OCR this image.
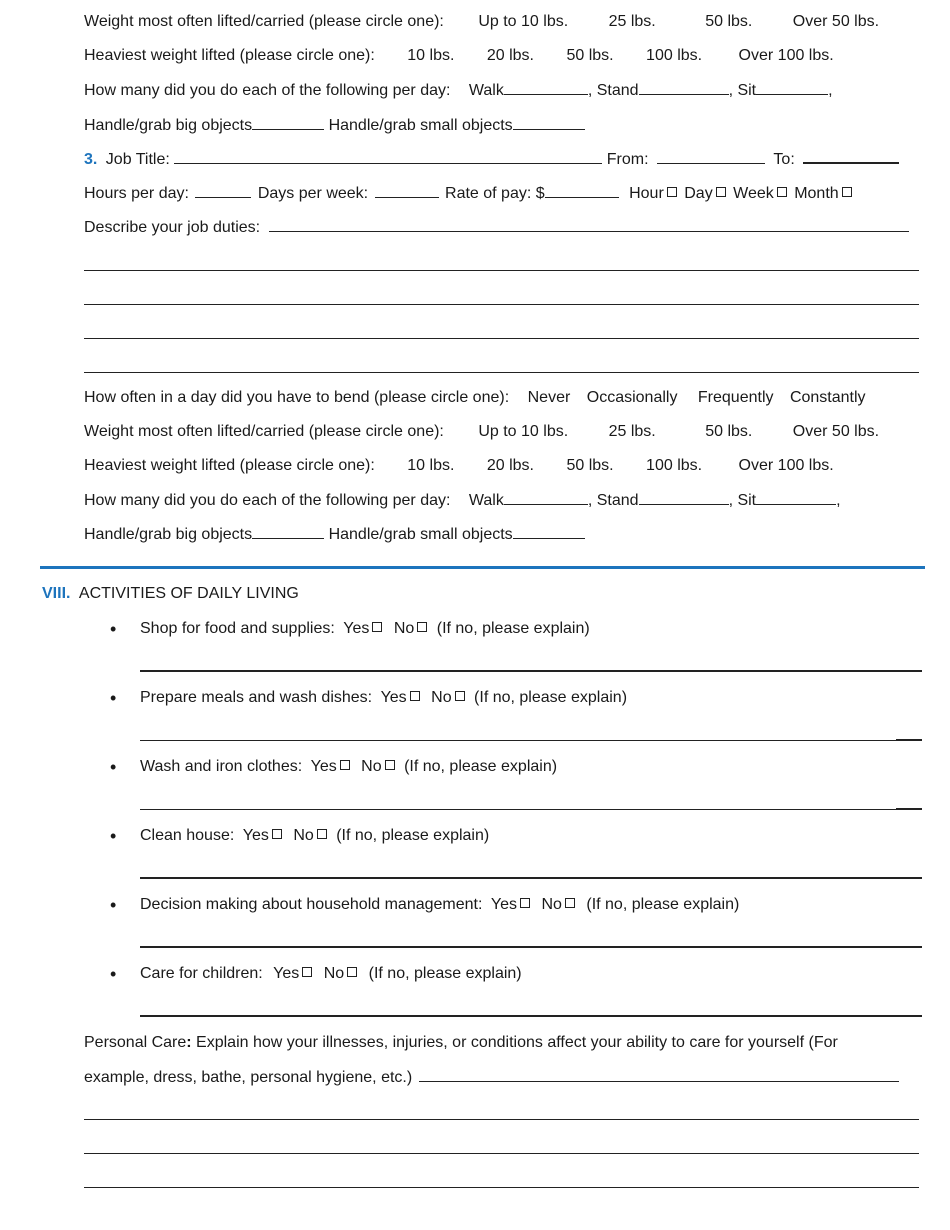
Weight most often lifted/carried (please circle one): Up to 10 lbs.	25 lbs.	50 lbs.	Over 50 lbs.
Heaviest weight lifted (please circle one): 10 lbs. 20 lbs. 50 lbs. 100 lbs. Over 100 lbs.
How many did you do each of the following per day: Walk	, Stand	, Sit	,
Handle/grab big objects	Handle/grab small objects
3. Job Title:	From:	To:
Hours per day:	Days per week:	Rate of pay: $	Hour Day Week Month
Describe your job duties:
How often in a day did you have to bend (please circle one): Never Occasionally Frequently Constantly
Weight most often lifted/carried (please circle one): Up to 10 lbs.	25 lbs.	50 lbs.	Over 50 lbs.
Heaviest weight lifted (please circle one): 10 lbs. 20 lbs. 50 lbs. 100 lbs. Over 100 lbs.
How many did you do each of the following per day: Walk	, Stand	, Sit	,
Handle/grab big objects	Handle/grab small objects
VIII. ACTIVITIES OF DAILY LIVING
• Shop for food and supplies: Yes No (If no, please explain)
• Prepare meals and wash dishes: Yes No (If no, please explain)
• Wash and iron clothes: Yes No (If no, please explain)
• Clean house: Yes No (If no, please explain)
• Decision making about household management: Yes No (If no, please explain)
• Care for children: Yes No (If no, please explain)
Personal Care: Explain how your illnesses, injuries, or conditions affect your ability to care for yourself (For
example, dress, bathe, personal hygiene, etc.)
